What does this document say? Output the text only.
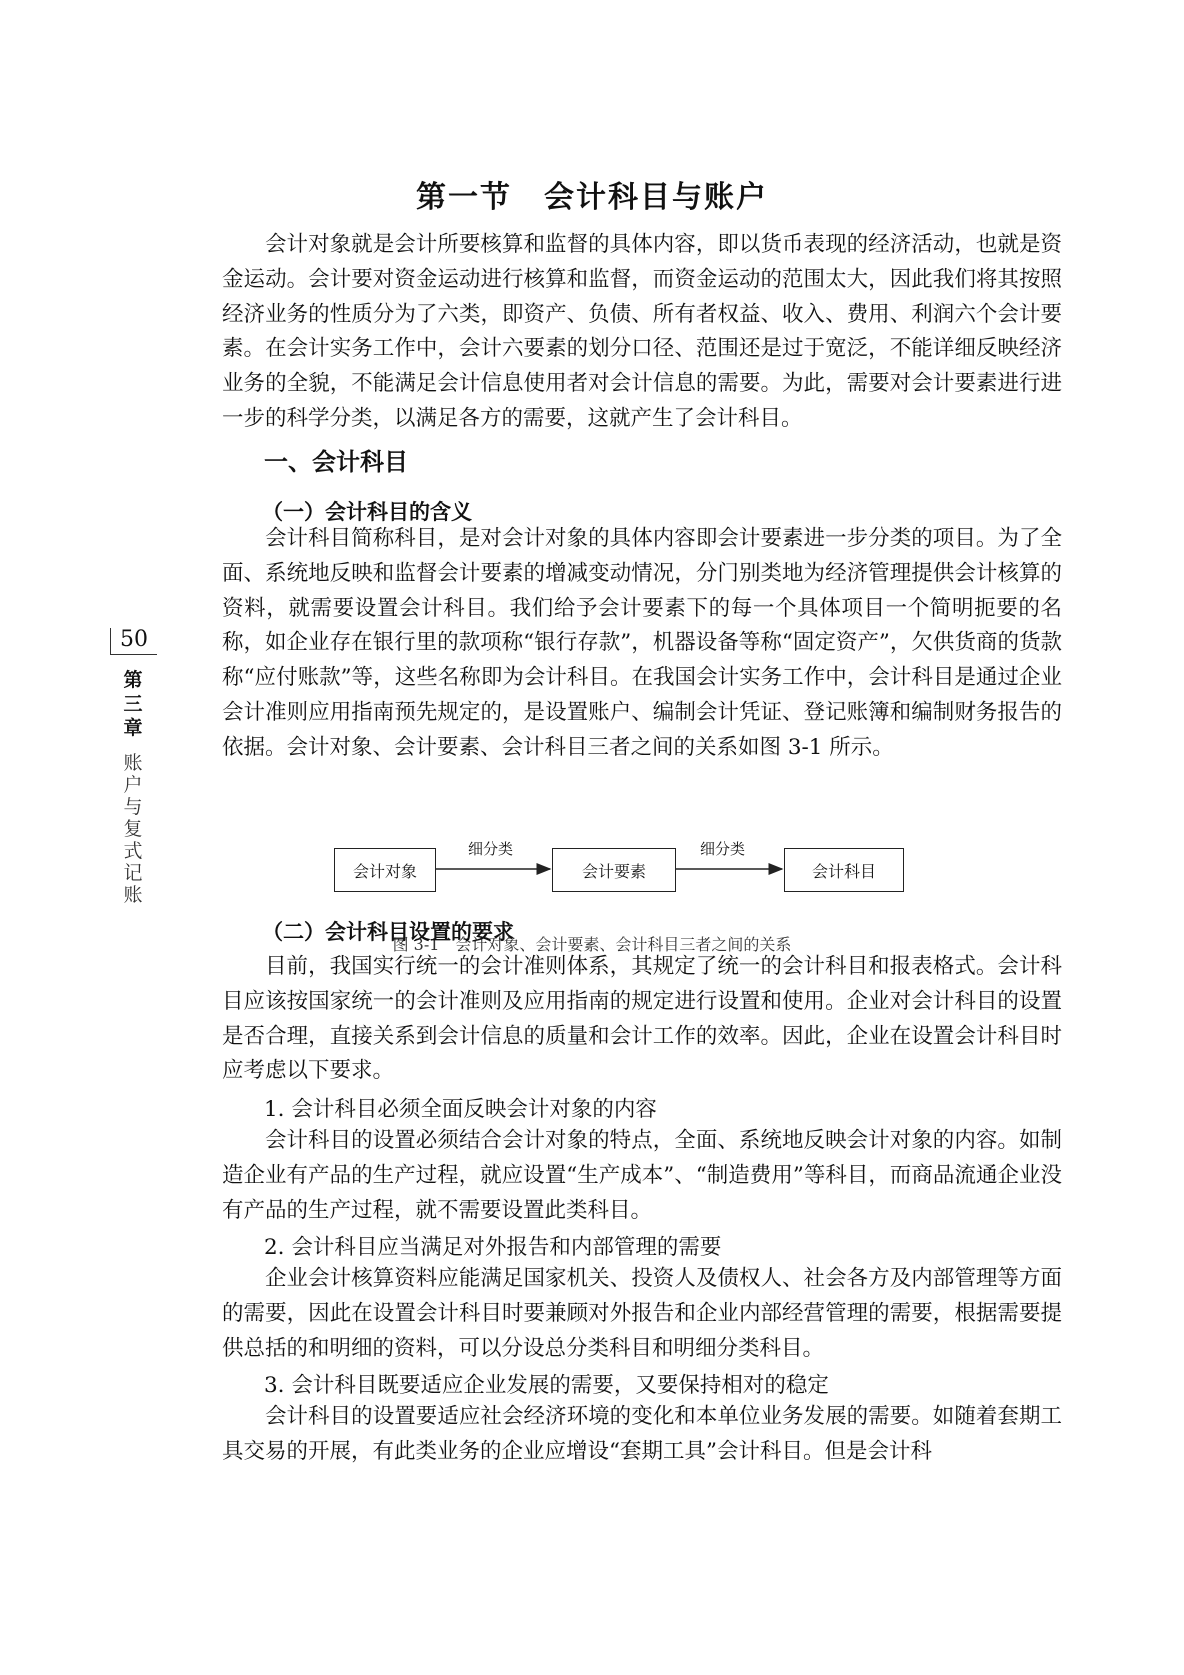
第一节　会计科目与账户

会计对象就是会计所要核算和监督的具体内容，即以货币表现的经济活动，也就是资金运动。会计要对资金运动进行核算和监督，而资金运动的范围太大，因此我们将其按照经济业务的性质分为了六类，即资产、负债、所有者权益、收入、费用、利润六个会计要素。在会计实务工作中，会计六要素的划分口径、范围还是过于宽泛，不能详细反映经济业务的全貌，不能满足会计信息使用者对会计信息的需要。为此，需要对会计要素进行进一步的科学分类，以满足各方的需要，这就产生了会计科目。

一、会计科目
（一）会计科目的含义

会计科目简称科目，是对会计对象的具体内容即会计要素进一步分类的项目。为了全面、系统地反映和监督会计要素的增减变动情况，分门别类地为经济管理提供会计核算的资料，就需要设置会计科目。我们给予会计要素下的每一个具体项目一个简明扼要的名称，如企业存在银行里的款项称“银行存款”，机器设备等称“固定资产”，欠供货商的货款称“应付账款”等，这些名称即为会计科目。在我国会计实务工作中，会计科目是通过企业会计准则应用指南预先规定的，是设置账户、编制会计凭证、登记账簿和编制财务报告的依据。会计对象、会计要素、会计科目三者之间的关系如图 3-1 所示。

50
第三章
账户与复式记账
会计对象
细分类
会计要素
细分类
会计科目
图 3-1　会计对象、会计要素、会计科目三者之间的关系
（二）会计科目设置的要求

目前，我国实行统一的会计准则体系，其规定了统一的会计科目和报表格式。会计科目应该按国家统一的会计准则及应用指南的规定进行设置和使用。企业对会计科目的设置是否合理，直接关系到会计信息的质量和会计工作的效率。因此，企业在设置会计科目时应考虑以下要求。

1. 会计科目必须全面反映会计对象的内容

会计科目的设置必须结合会计对象的特点，全面、系统地反映会计对象的内容。如制造企业有产品的生产过程，就应设置“生产成本”、“制造费用”等科目，而商品流通企业没有产品的生产过程，就不需要设置此类科目。

2. 会计科目应当满足对外报告和内部管理的需要

企业会计核算资料应能满足国家机关、投资人及债权人、社会各方及内部管理等方面的需要，因此在设置会计科目时要兼顾对外报告和企业内部经营管理的需要，根据需要提供总括的和明细的资料，可以分设总分类科目和明细分类科目。

3. 会计科目既要适应企业发展的需要，又要保持相对的稳定

会计科目的设置要适应社会经济环境的变化和本单位业务发展的需要。如随着套期工具交易的开展，有此类业务的企业应增设“套期工具”会计科目。但是会计科
